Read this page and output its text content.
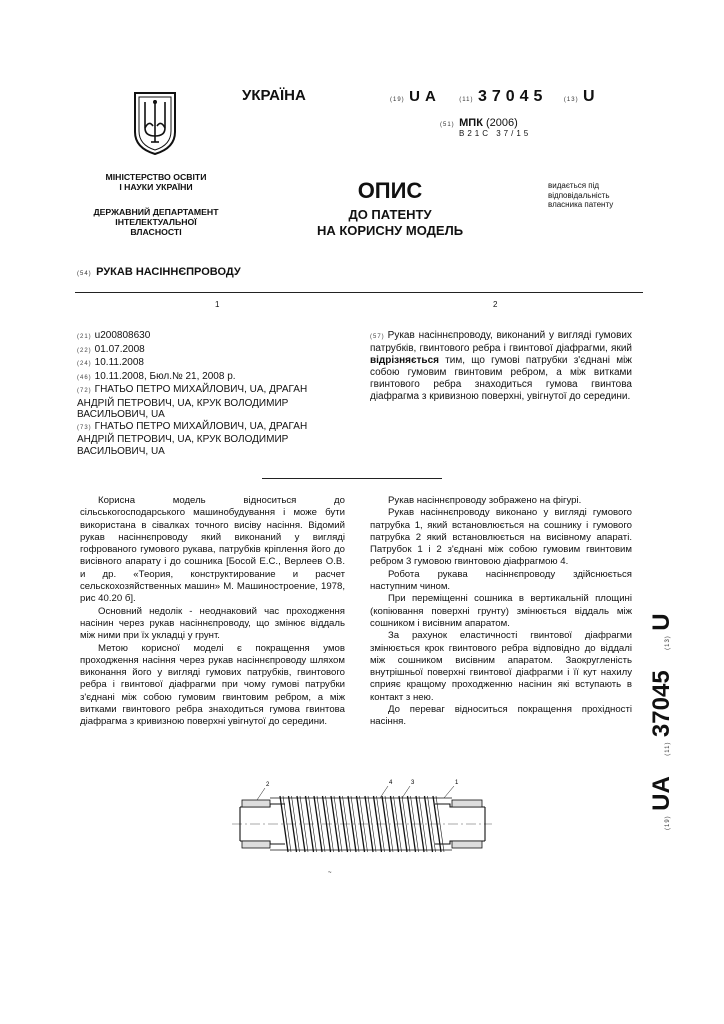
МІНІСТЕРСТВО ОСВІТИ
І НАУКИ УКРАЇНИ
ДЕРЖАВНИЙ ДЕПАРТАМЕНТ
ІНТЕЛЕКТУАЛЬНОЇ
ВЛАСНОСТІ
УКРАЇНА	(19) UA	(11) 37045	(13) U
(51) МПК (2006)
B21C 37/15
ОПИС
ДО ПАТЕНТУ
НА КОРИСНУ МОДЕЛЬ
видається під відповідальність власника патенту
(54) РУКАВ НАСІННЄПРОВОДУ
1	2
(21) u200808630
(22) 01.07.2008
(24) 10.11.2008
(46) 10.11.2008, Бюл.№ 21, 2008 р.
(72) ГНАТЬО ПЕТРО МИХАЙЛОВИЧ, UA, ДРАГАН АНДРІЙ ПЕТРОВИЧ, UA, КРУК ВОЛОДИМИР ВАСИЛЬОВИЧ, UA
(73) ГНАТЬО ПЕТРО МИХАЙЛОВИЧ, UA, ДРАГАН АНДРІЙ ПЕТРОВИЧ, UA, КРУК ВОЛОДИМИР ВАСИЛЬОВИЧ, UA
(57) Рукав насіннєпроводу, виконаний у вигляді гумових патрубків, гвинтового ребра і гвинтової діафрагми, який відрізняється тим, що гумові патрубки з'єднані між собою гумовим гвинтовим ребром, а між витками гвинтового ребра знаходиться гумова гвинтова діафрагма з кривизною поверхні, увігнутої до середини.

Корисна модель відноситься до сільськогосподарського машинобудування і може бути використана в сівалках точного висіву насіння. Відомий рукав насіннєпроводу який виконаний у вигляді гофрованого гумового рукава, патрубків кріплення його до висівного апарату і до сошника [Босой Е.С., Верлеев О.В. и др. «Теория, конструктирование и расчет сельскохозяйственных машин» М. Машиностроение, 1978, рис 40.20 б].

Основний недолік - неоднаковий час проходження насінин через рукав насіннєпроводу, що змінює віддаль між ними при їх укладці у грунт.

Метою корисної моделі є покращення умов проходження насіння через рукав насіннєпроводу шляхом виконання його у вигляді гумових патрубків, гвинтового ребра і гвинтової діафрагми при чому гумові патрубки з'єднані між собою гумовим гвинтовим ребром, а між витками гвинтового ребра знаходиться гумова гвинтова діафрагма з кривизною поверхні увігнутої до середини.

Рукав насіннєпроводу зображено на фігурі.

Рукав насіннєпроводу виконано у вигляді гумового патрубка 1, який встановлюється на сошнику і гумового патрубка 2 який встановлюється на висівному апараті. Патрубок 1 і 2 з'єднані між собою гумовим гвинтовим ребром 3 гумовою гвинтовою діафрагмою 4.

Робота рукава насіннєпроводу здійснюється наступним чином.

При переміщенні сошника в вертикальній площині (копіювання поверхні грунту) змінюється віддаль між сошником і висівним апаратом.

За рахунок еластичності гвинтової діафрагми змінюється крок гвинтового ребра відповідно до віддалі між сошником висівним апаратом. Заокругленість внутрішньої поверхні гвинтової діафрагми і її кут нахилу сприяє кращому проходженню насінин які вступають в контакт з нею.

До переваг відноситься покращення прохідності насіння.

2	4	3	1
~
(19) UA (11) 37045 (13) U
